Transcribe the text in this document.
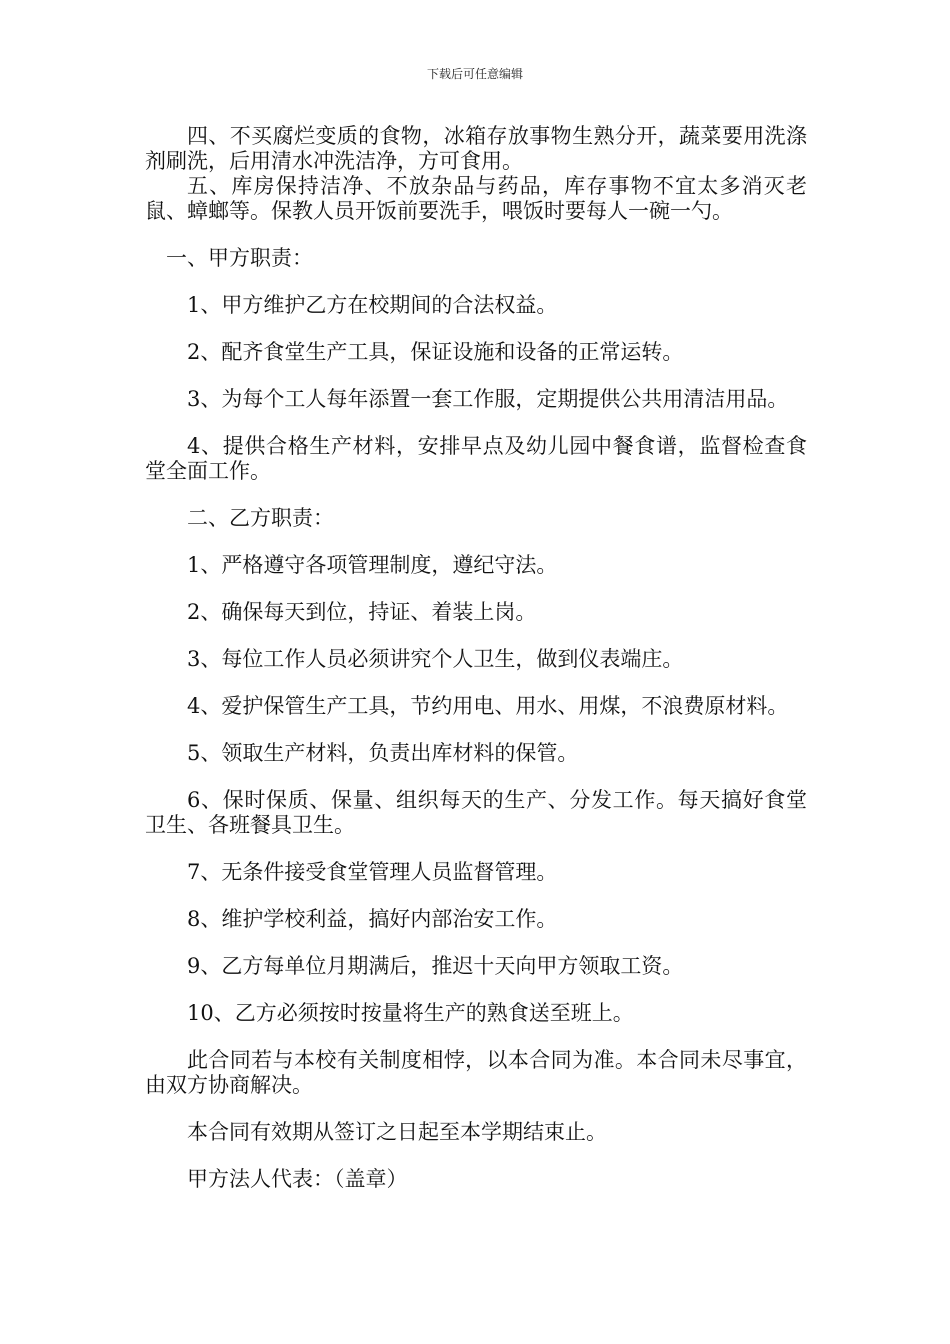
下载后可任意编辑

四、不买腐烂变质的食物，冰箱存放事物生熟分开，蔬菜要用洗涤剂刷洗，后用清水冲洗洁净，方可食用。

五、库房保持洁净、不放杂品与药品，库存事物不宜太多消灭老鼠、蟑螂等。保教人员开饭前要洗手，喂饭时要每人一碗一勺。

一、甲方职责：

1、甲方维护乙方在校期间的合法权益。

2、配齐食堂生产工具，保证设施和设备的正常运转。

3、为每个工人每年添置一套工作服，定期提供公共用清洁用品。

4、提供合格生产材料，安排早点及幼儿园中餐食谱，监督检查食堂全面工作。

二、乙方职责：

1、严格遵守各项管理制度，遵纪守法。

2、确保每天到位，持证、着装上岗。

3、每位工作人员必须讲究个人卫生，做到仪表端庄。

4、爱护保管生产工具，节约用电、用水、用煤，不浪费原材料。

5、领取生产材料，负责出库材料的保管。

6、保时保质、保量、组织每天的生产、分发工作。每天搞好食堂卫生、各班餐具卫生。

7、无条件接受食堂管理人员监督管理。

8、维护学校利益，搞好内部治安工作。

9、乙方每单位月期满后，推迟十天向甲方领取工资。

10、乙方必须按时按量将生产的熟食送至班上。

此合同若与本校有关制度相悖，以本合同为准。本合同未尽事宜，由双方协商解决。

本合同有效期从签订之日起至本学期结束止。

甲方法人代表：（盖章）
